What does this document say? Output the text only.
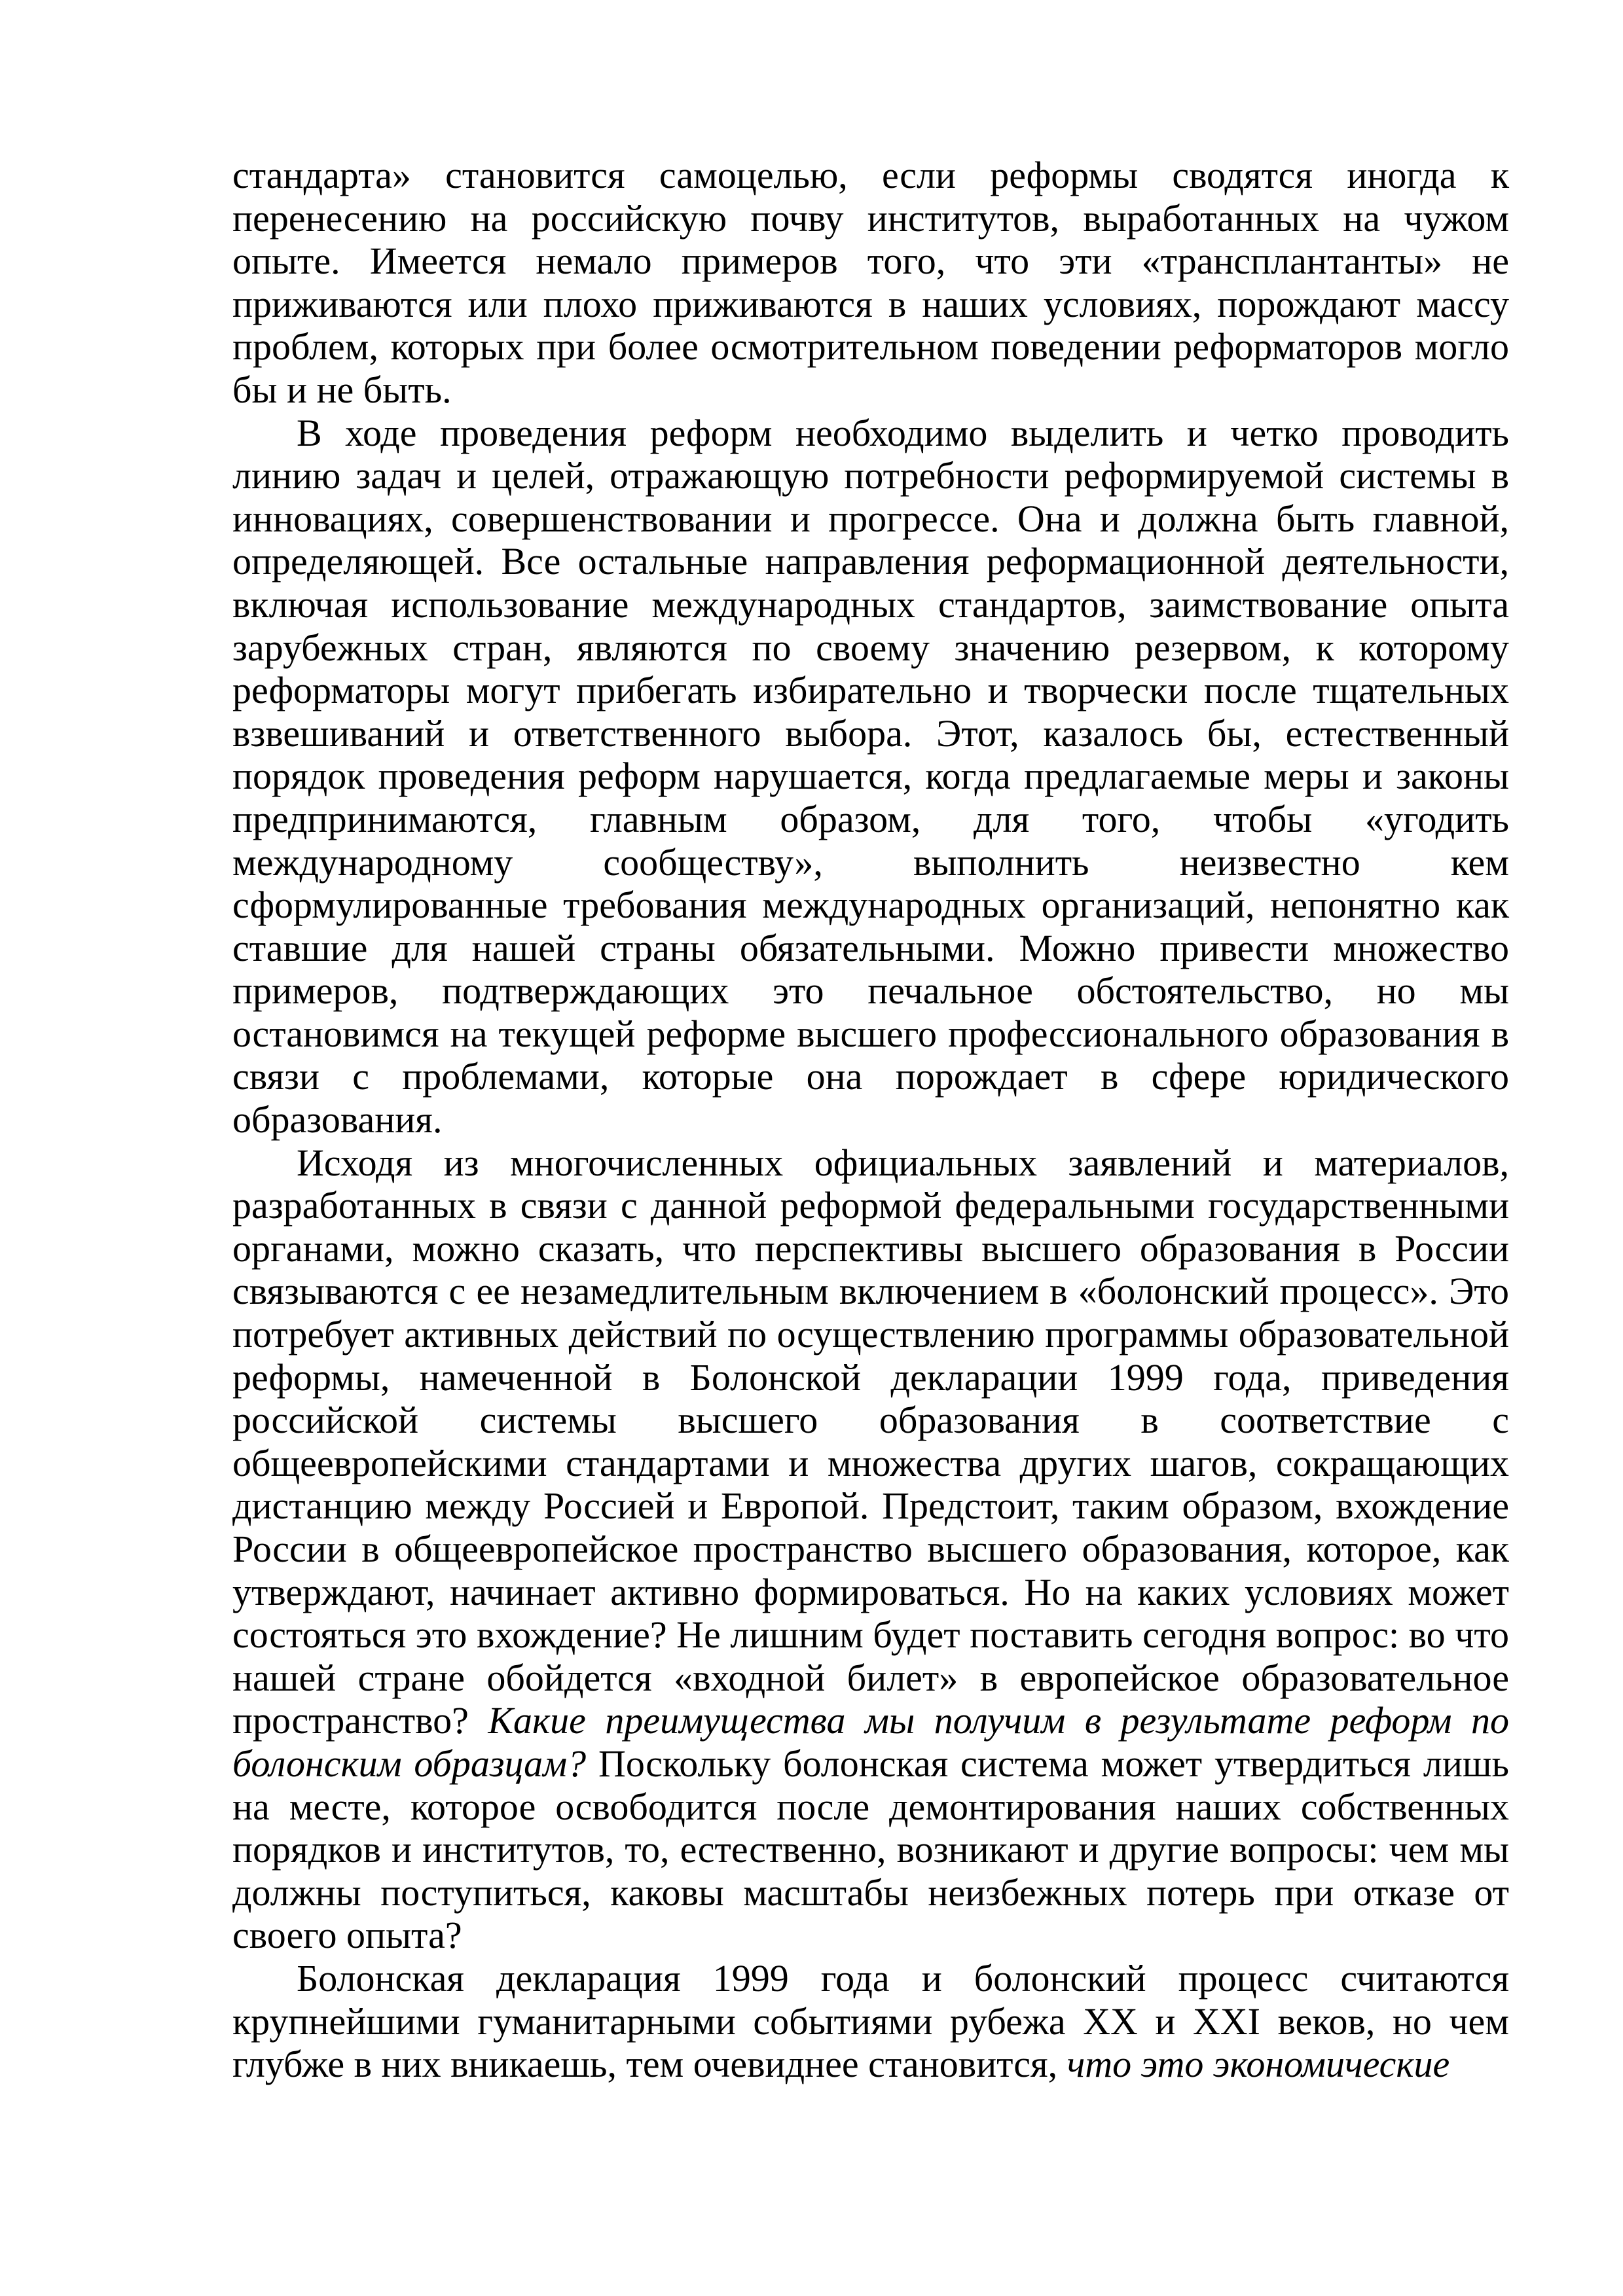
стандарта» становится самоцелью, если реформы сводятся иногда к перенесению на российскую почву институтов, выработанных на чужом опыте. Имеется немало примеров того, что эти «трансплантанты» не приживаются или плохо приживаются в наших условиях, порождают массу проблем, которых при более осмотрительном поведении реформаторов могло бы и не быть.

В ходе проведения реформ необходимо выделить и четко проводить линию задач и целей, отражающую потребности реформируемой системы в инновациях, совершенствовании и прогрессе. Она и должна быть главной, определяющей. Все остальные направления реформационной деятельности, включая использование международных стандартов, заимствование опыта зарубежных стран, являются по своему значению резервом, к которому реформаторы могут прибегать избирательно и творчески после тщательных взвешиваний и ответственного выбора. Этот, казалось бы, естественный порядок проведения реформ нарушается, когда предлагаемые меры и законы предпринимаются, главным образом, для того, чтобы «угодить международному сообществу», выполнить неизвестно кем сформулированные требования международных организаций, непонятно как ставшие для нашей страны обязательными. Можно привести множество примеров, подтверждающих это печальное обстоятельство, но мы остановимся на текущей реформе высшего профессионального образования в связи с проблемами, которые она порождает в сфере юридического образования.

Исходя из многочисленных официальных заявлений и материалов, разработанных в связи с данной реформой федеральными государственными органами, можно сказать, что перспективы высшего образования в России связываются с ее незамедлительным включением в «болонский процесс». Это потребует активных действий по осуществлению программы образовательной реформы, намеченной в Болонской декларации 1999 года, приведения российской системы высшего образования в соответствие с общеевропейскими стандартами и множества других шагов, сокращающих дистанцию между Россией и Европой. Предстоит, таким образом, вхождение России в общеевропейское пространство высшего образования, которое, как утверждают, начинает активно формироваться. Но на каких условиях может состояться это вхождение? Не лишним будет поставить сегодня вопрос: во что нашей стране обойдется «входной билет» в европейское образовательное пространство? Какие преимущества мы получим в результате реформ по болонским образцам? Поскольку болонская система может утвердиться лишь на месте, которое освободится после демонтирования наших собственных порядков и институтов, то, естественно, возникают и другие вопросы: чем мы должны поступиться, каковы масштабы неизбежных потерь при отказе от своего опыта?

Болонская декларация 1999 года и болонский процесс считаются крупнейшими гуманитарными событиями рубежа XX и XXI веков, но чем глубже в них вникаешь, тем очевиднее становится, что это экономические
